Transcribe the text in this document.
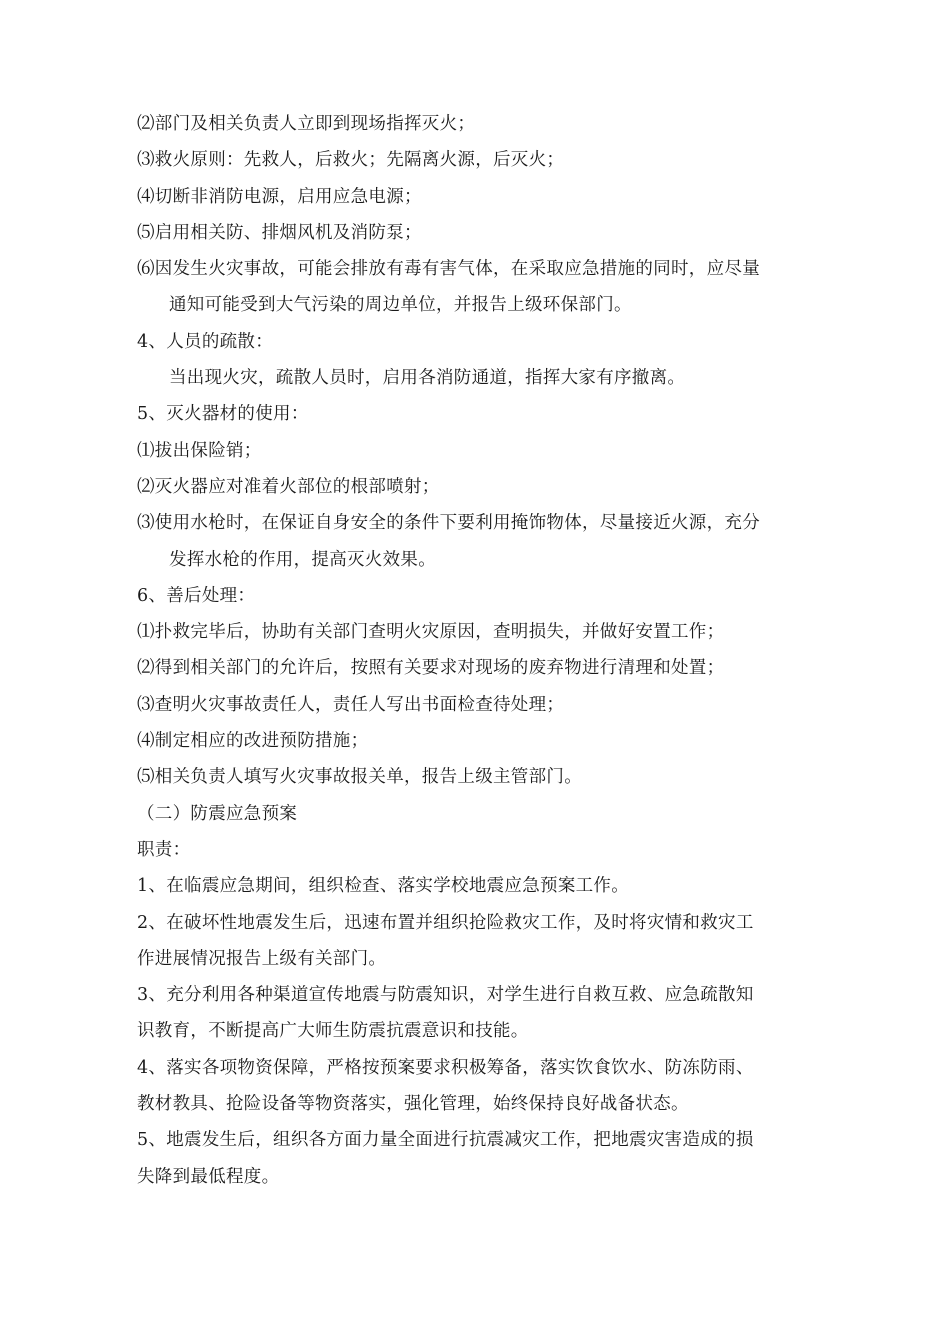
⑵部门及相关负责人立即到现场指挥灭火；
⑶救火原则：先救人，后救火；先隔离火源，后灭火；
⑷切断非消防电源，启用应急电源；
⑸启用相关防、排烟风机及消防泵；
⑹因发生火灾事故，可能会排放有毒有害气体，在采取应急措施的同时，应尽量
通知可能受到大气污染的周边单位，并报告上级环保部门。
4、人员的疏散：
当出现火灾，疏散人员时，启用各消防通道，指挥大家有序撤离。
5、灭火器材的使用：
⑴拔出保险销；
⑵灭火器应对准着火部位的根部喷射；
⑶使用水枪时，在保证自身安全的条件下要利用掩饰物体，尽量接近火源，充分
发挥水枪的作用，提高灭火效果。
6、善后处理：
⑴扑救完毕后，协助有关部门查明火灾原因，查明损失，并做好安置工作；
⑵得到相关部门的允许后，按照有关要求对现场的废弃物进行清理和处置；
⑶查明火灾事故责任人，责任人写出书面检查待处理；
⑷制定相应的改进预防措施；
⑸相关负责人填写火灾事故报关单，报告上级主管部门。
（二）防震应急预案
职责：
1、在临震应急期间，组织检查、落实学校地震应急预案工作。
2、在破坏性地震发生后，迅速布置并组织抢险救灾工作，及时将灾情和救灾工
作进展情况报告上级有关部门。
3、充分利用各种渠道宣传地震与防震知识，对学生进行自救互救、应急疏散知
识教育，不断提高广大师生防震抗震意识和技能。
4、落实各项物资保障，严格按预案要求积极筹备，落实饮食饮水、防冻防雨、
教材教具、抢险设备等物资落实，强化管理，始终保持良好战备状态。
5、地震发生后，组织各方面力量全面进行抗震减灾工作，把地震灾害造成的损
失降到最低程度。
